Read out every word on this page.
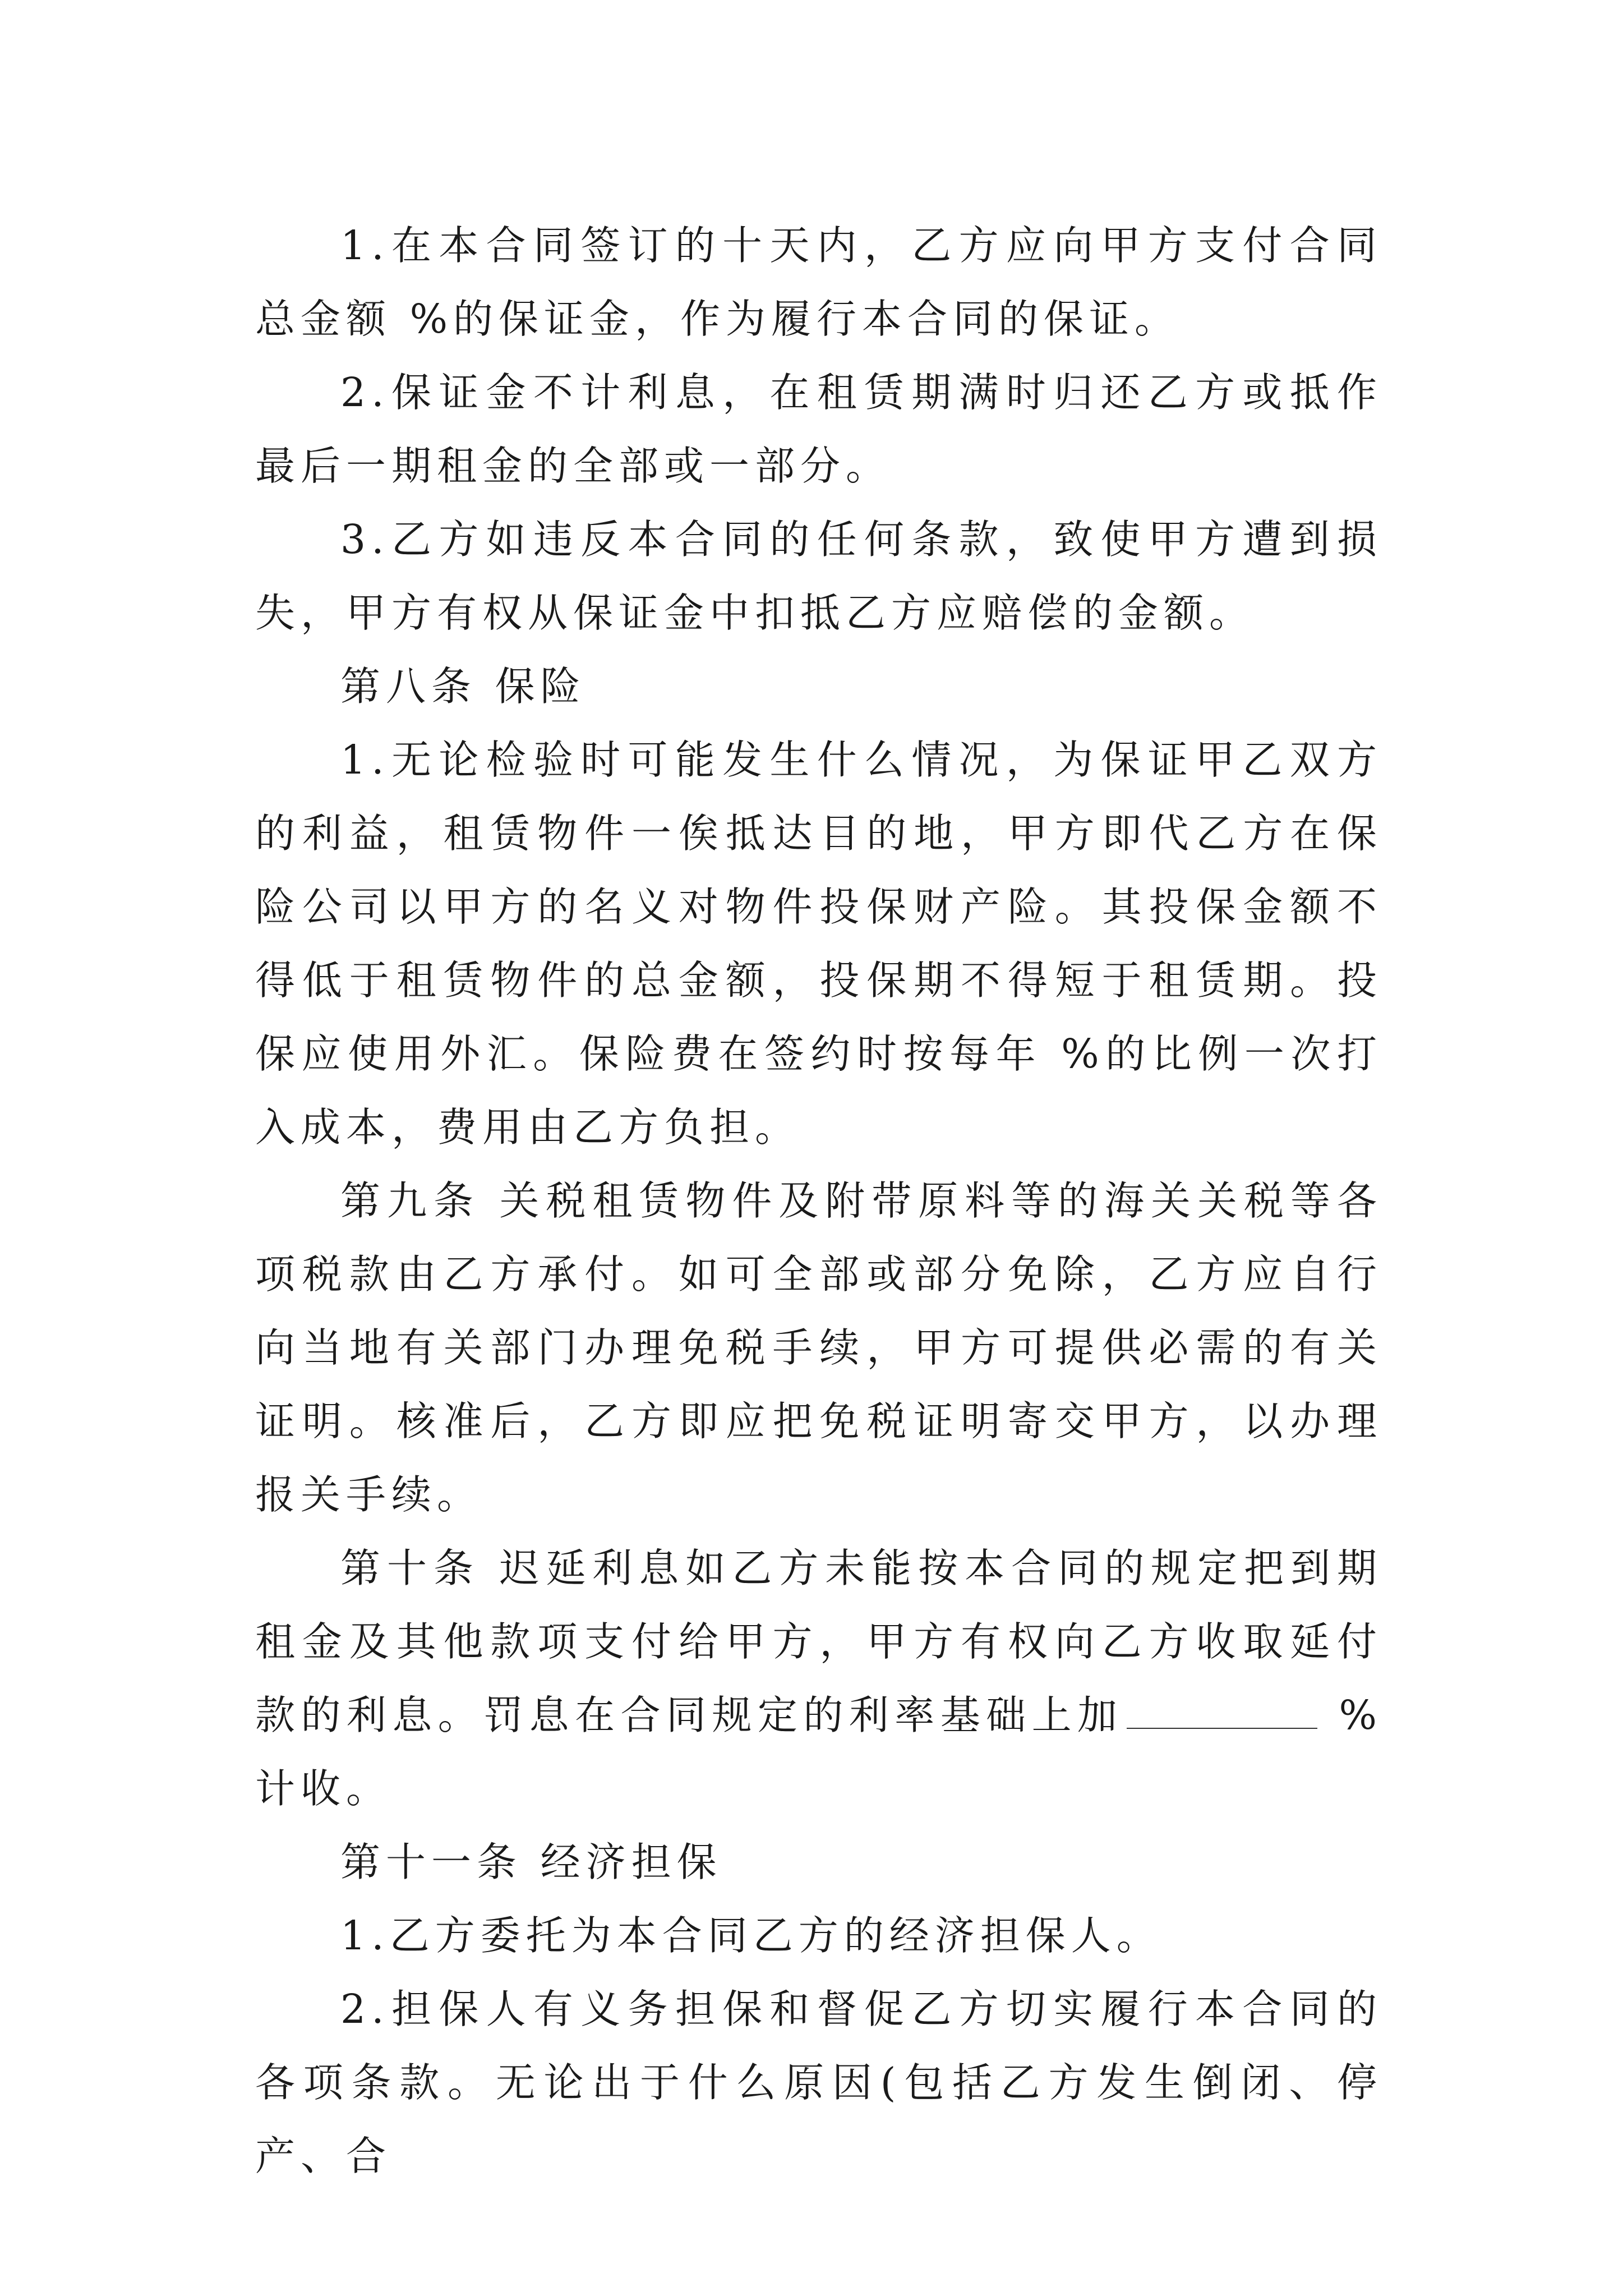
1.在本合同签订的十天内，乙方应向甲方支付合同总金额 %的保证金，作为履行本合同的保证。

2.保证金不计利息，在租赁期满时归还乙方或抵作最后一期租金的全部或一部分。

3.乙方如违反本合同的任何条款，致使甲方遭到损失，甲方有权从保证金中扣抵乙方应赔偿的金额。

第八条 保险

1.无论检验时可能发生什么情况，为保证甲乙双方的利益，租赁物件一俟抵达目的地，甲方即代乙方在保险公司以甲方的名义对物件投保财产险。其投保金额不得低于租赁物件的总金额，投保期不得短于租赁期。投保应使用外汇。保险费在签约时按每年 %的比例一次打入成本，费用由乙方负担。

第九条 关税租赁物件及附带原料等的海关关税等各项税款由乙方承付。如可全部或部分免除，乙方应自行向当地有关部门办理免税手续，甲方可提供必需的有关证明。核准后，乙方即应把免税证明寄交甲方，以办理报关手续。

第十条 迟延利息如乙方未能按本合同的规定把到期租金及其他款项支付给甲方，甲方有权向乙方收取延付款的利息。罚息在合同规定的利率基础上加	%计收。

第十一条 经济担保

1.乙方委托为本合同乙方的经济担保人。

2.担保人有义务担保和督促乙方切实履行本合同的各项条款。无论出于什么原因(包括乙方发生倒闭、停产、合
